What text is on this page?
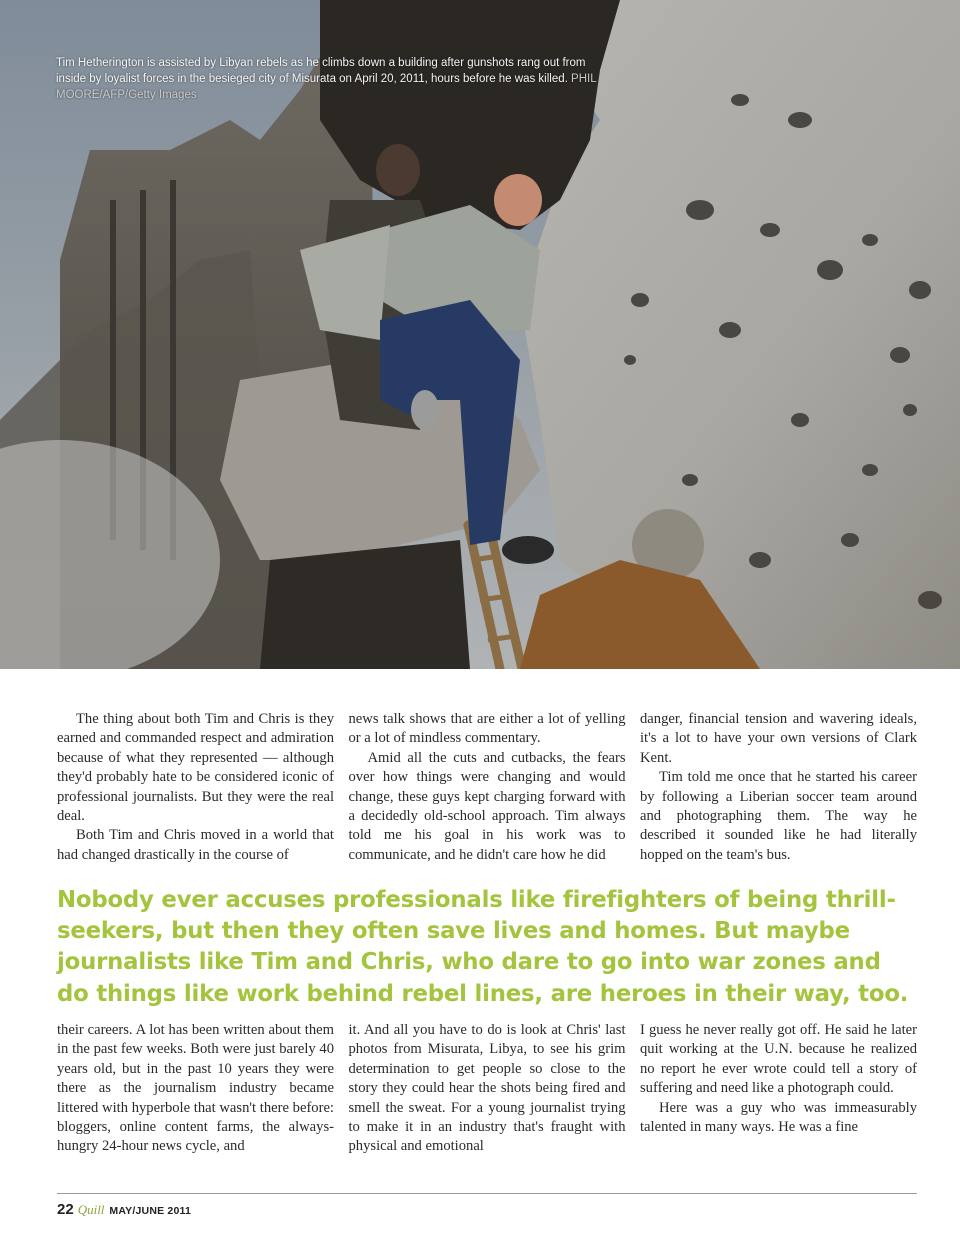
Tim Hetherington is assisted by Libyan rebels as he climbs down a building after gunshots rang out from inside by loyalist forces in the besieged city of Misurata on April 20, 2011, hours before he was killed. PHIL MOORE/AFP/Getty Images

The thing about both Tim and Chris is they earned and commanded respect and admiration because of what they represented — although they'd probably hate to be considered iconic of professional journalists. But they were the real deal.

Both Tim and Chris moved in a world that had changed drastically in the course of

news talk shows that are either a lot of yelling or a lot of mindless commentary.

Amid all the cuts and cutbacks, the fears over how things were changing and would change, these guys kept charging forward with a decidedly old-school approach. Tim always told me his goal in his work was to communicate, and he didn't care how he did

danger, financial tension and wavering ideals, it's a lot to have your own versions of Clark Kent.

Tim told me once that he started his career by following a Liberian soccer team around and photographing them. The way he described it sounded like he had literally hopped on the team's bus.

Nobody ever accuses professionals like firefighters of being thrill-seekers, but then they often save lives and homes. But maybe journalists like Tim and Chris, who dare to go into war zones and do things like work behind rebel lines, are heroes in their way, too.

their careers. A lot has been written about them in the past few weeks. Both were just barely 40 years old, but in the past 10 years they were there as the journalism industry became littered with hyperbole that wasn't there before: bloggers, online content farms, the always-hungry 24-hour news cycle, and

it. And all you have to do is look at Chris' last photos from Misurata, Libya, to see his grim determination to get people so close to the story they could hear the shots being fired and smell the sweat. For a young journalist trying to make it in an industry that's fraught with physical and emotional

I guess he never really got off. He said he later quit working at the U.N. because he realized no report he ever wrote could tell a story of suffering and need like a photograph could.

Here was a guy who was immeasurably talented in many ways. He was a fine

22 Quill MAY/JUNE 2011
